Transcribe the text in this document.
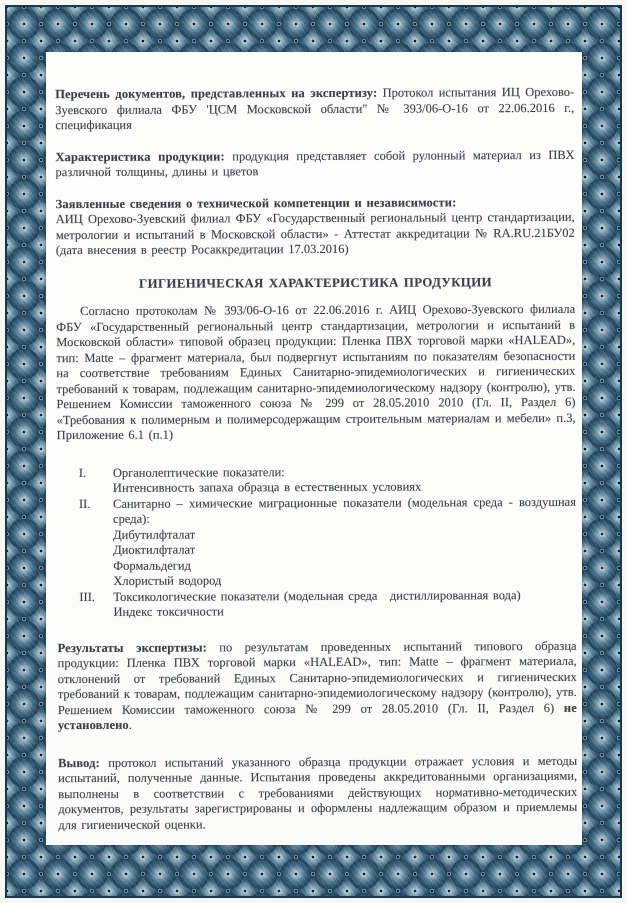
Перечень документов, представленных на экспертизу: Протокол испытания ИЦ Орехово-Зуевского филиала ФБУ 'ЦСМ Московской области" № 393/06-О-16 от 22.06.2016 г., спецификация

Характеристика продукции: продукция представляет собой рулонный материал из ПВХ различной толщины, длины и цветов

Заявленные сведения о технической компетенции и независимости:
АИЦ Орехово-Зуевский филиал ФБУ «Государственный региональный центр стандартизации, метрологии и испытаний в Московской области» - Аттестат аккредитации № RA.RU.21БУ02 (дата внесения в реестр Росаккредитации 17.03.2016)

ГИГИЕНИЧЕСКАЯ ХАРАКТЕРИСТИКА ПРОДУКЦИИ

Согласно протоколам № 393/06-О-16 от 22.06.2016 г. АИЦ Орехово-Зуевского филиала ФБУ «Государственный региональный центр стандартизации, метрологии и испытаний в Московской области» типовой образец продукции: Пленка ПВХ торговой марки «HALEAD», тип: Matte – фрагмент материала, был подвергнут испытаниям по показателям безопасности на соответствие требованиям Единых Санитарно-эпидемиологических и гигиенических требований к товарам, подлежащим санитарно-эпидемиологическому надзору (контролю), утв. Решением Комиссии таможенного союза № 299 от 28.05.2010 2010 (Гл. II, Раздел 6) «Требования к полимерным и полимерсодержащим строительным материалам и мебели» п.3, Приложение 6.1 (п.1)

I.	Органолептические показатели:
Интенсивность запаха образца в естественных условиях
II.	Санитарно – химические миграционные показатели (модельная среда - воздушная среда):
Дибутилфталат
Диоктилфталат
Формальдегид
Хлористый водород
III.	Токсикологические показатели (модельная среда дистиллированная вода)
Индекс токсичности

Результаты экспертизы: по результатам проведенных испытаний типового образца продукции: Пленка ПВХ торговой марки «HALEAD», тип: Matte – фрагмент материала, отклонений от требований Единых Санитарно-эпидемиологических и гигиенических требований к товарам, подлежащим санитарно-эпидемиологическому надзору (контролю), утв. Решением Комиссии таможенного союза № 299 от 28.05.2010 (Гл. II, Раздел 6) не установлено.

Вывод: протокол испытаний указанного образца продукции отражает условия и методы испытаний, полученные данные. Испытания проведены аккредитованными организациями, выполнены в соответствии с требованиями действующих нормативно-методических документов, результаты зарегистрированы и оформлены надлежащим образом и приемлемы для гигиенической оценки.
